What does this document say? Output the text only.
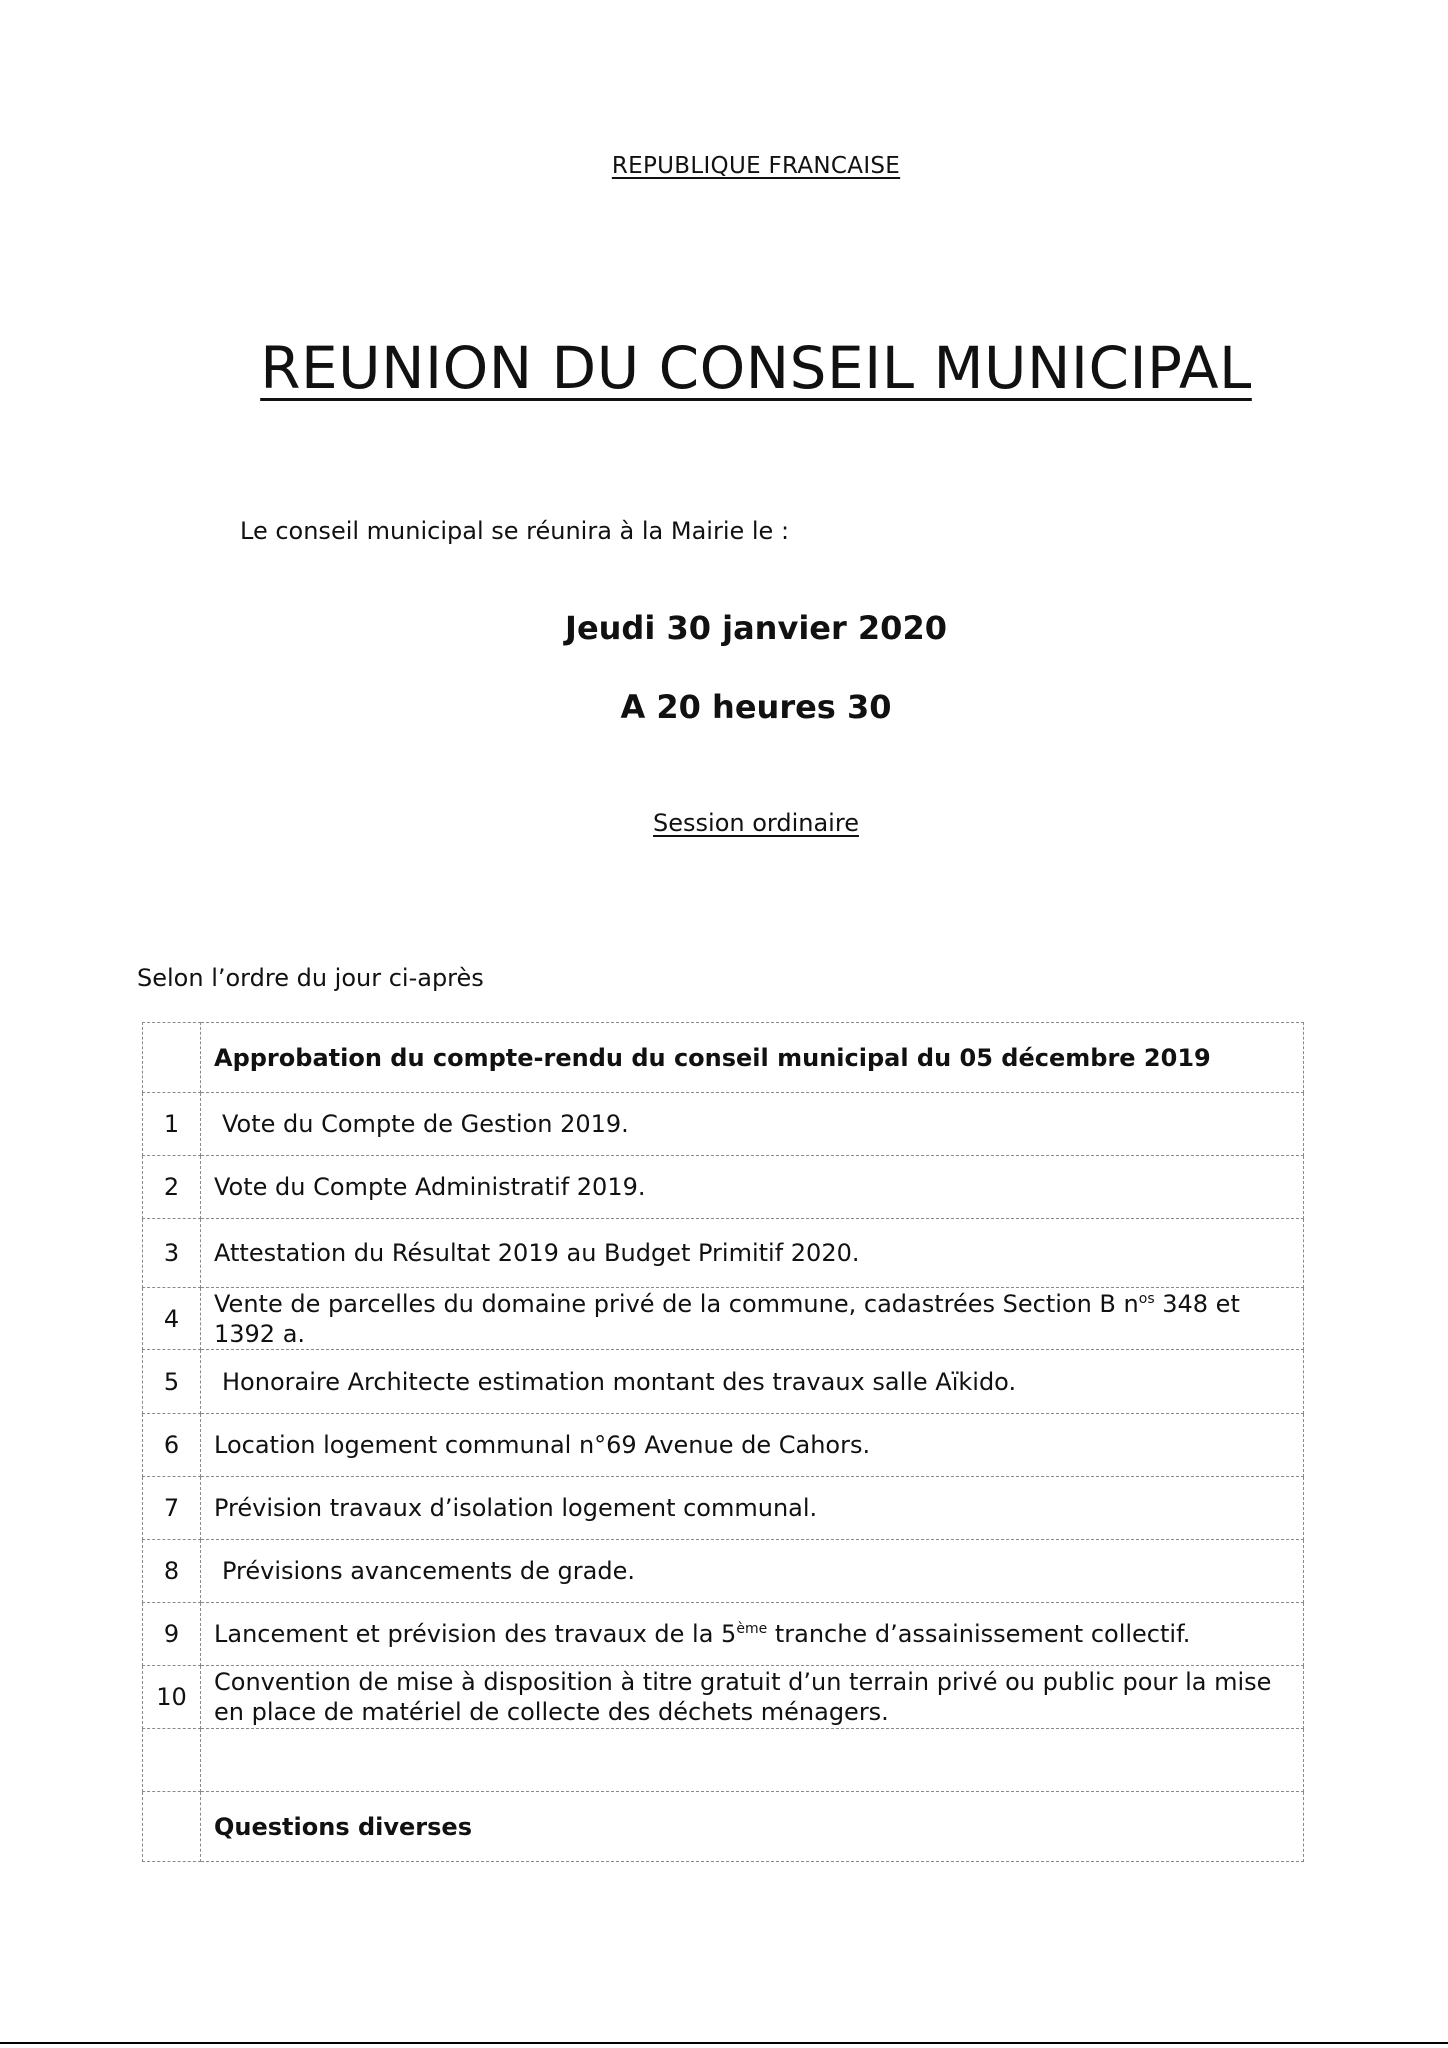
REPUBLIQUE FRANCAISE
REUNION DU CONSEIL MUNICIPAL
Le conseil municipal se réunira à la Mairie le :
Jeudi 30 janvier 2020
A 20 heures 30
Session ordinaire
Selon l’ordre du jour ci-après
	Approbation du compte-rendu du conseil municipal du 05 décembre 2019
1	Vote du Compte de Gestion 2019.
2	Vote du Compte Administratif 2019.
3	Attestation du Résultat 2019 au Budget Primitif 2020.
4	Vente de parcelles du domaine privé de la commune, cadastrées Section B $n^{os}$ 348 et 1392 a.
5	Honoraire Architecte estimation montant des travaux salle Aïkido.
6	Location logement communal n°69 Avenue de Cahors.
7	Prévision travaux d’isolation logement communal.
8	Prévisions avancements de grade.
9	Lancement et prévision des travaux de la 5ème tranche d’assainissement collectif.
10	Convention de mise à disposition à titre gratuit d’un terrain privé ou public pour la mise en place de matériel de collecte des déchets ménagers.

	Questions diverses
